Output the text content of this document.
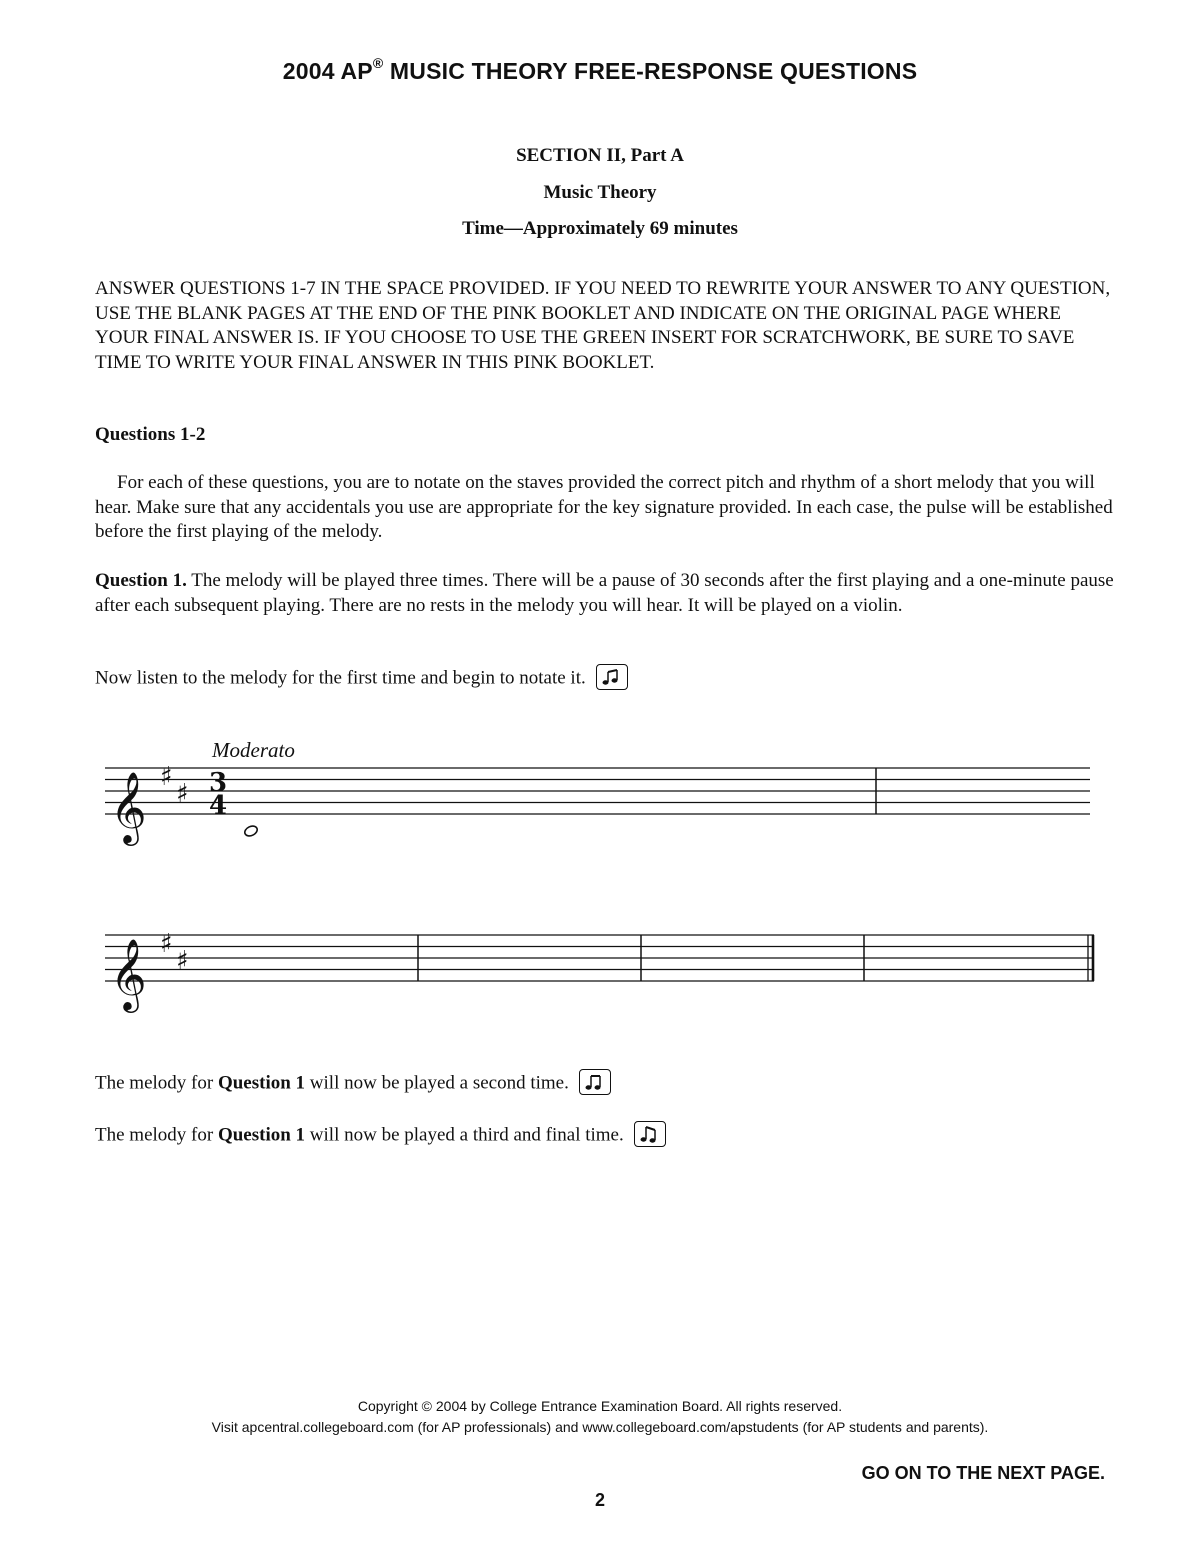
2004 AP® MUSIC THEORY FREE-RESPONSE QUESTIONS
SECTION II, Part A
Music Theory
Time—Approximately 69 minutes
ANSWER QUESTIONS 1-7 IN THE SPACE PROVIDED. IF YOU NEED TO REWRITE YOUR ANSWER TO ANY QUESTION, USE THE BLANK PAGES AT THE END OF THE PINK BOOKLET AND INDICATE ON THE ORIGINAL PAGE WHERE YOUR FINAL ANSWER IS. IF YOU CHOOSE TO USE THE GREEN INSERT FOR SCRATCHWORK, BE SURE TO SAVE TIME TO WRITE YOUR FINAL ANSWER IN THIS PINK BOOKLET.
Questions 1-2
For each of these questions, you are to notate on the staves provided the correct pitch and rhythm of a short melody that you will hear. Make sure that any accidentals you use are appropriate for the key signature provided. In each case, the pulse will be established before the first playing of the melody.
Question 1. The melody will be played three times. There will be a pause of 30 seconds after the first playing and a one-minute pause after each subsequent playing. There are no rests in the melody you will hear. It will be played on a violin.
Now listen to the melody for the first time and begin to notate it.
Moderato
𝄞 ♯
♯ 3
4
𝄞 ♯
♯
The melody for Question 1 will now be played a second time.
The melody for Question 1 will now be played a third and final time.
Copyright © 2004 by College Entrance Examination Board. All rights reserved.
Visit apcentral.collegeboard.com (for AP professionals) and www.collegeboard.com/apstudents (for AP students and parents).
GO ON TO THE NEXT PAGE.
2
